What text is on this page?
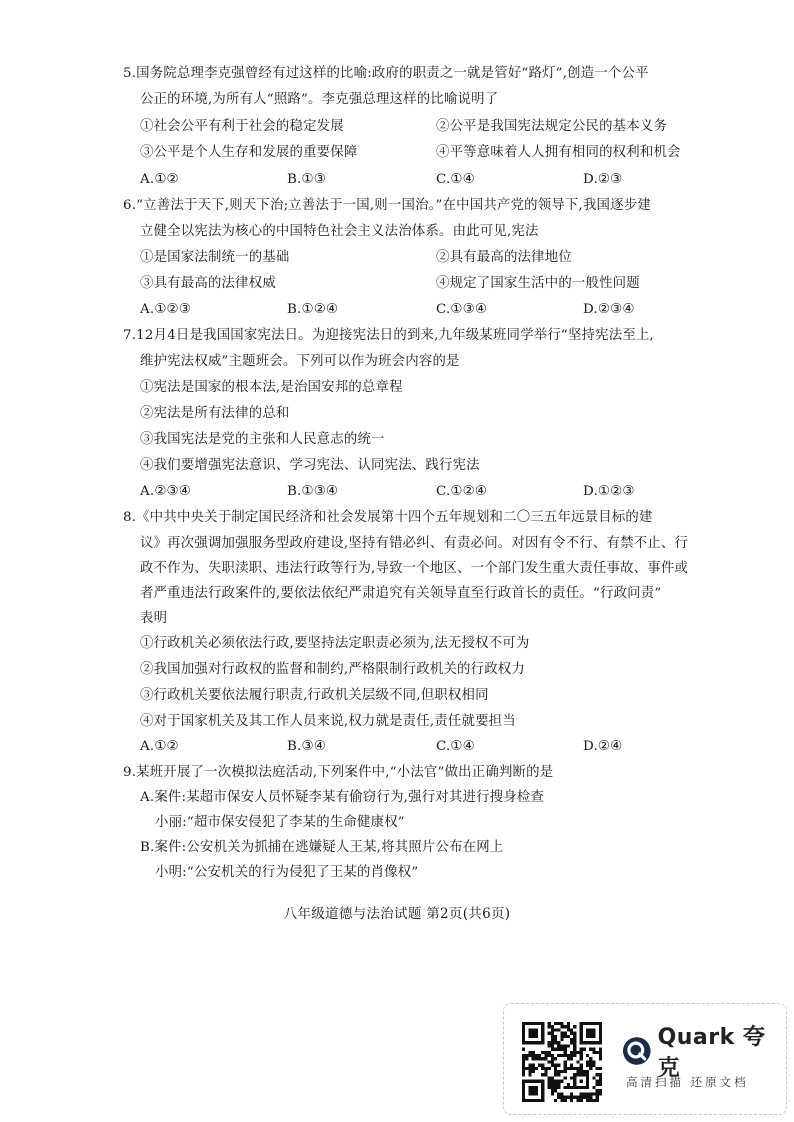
5.国务院总理李克强曾经有过这样的比喻:政府的职责之一就是管好“路灯”,创造一个公平
公正的环境,为所有人“照路”。李克强总理这样的比喻说明了
①社会公平有利于社会的稳定发展	②公平是我国宪法规定公民的基本义务
③公平是个人生存和发展的重要保障	④平等意味着人人拥有相同的权利和机会
A.①②	B.①③	C.①④	D.②③
6.“立善法于天下,则天下治;立善法于一国,则一国治。”在中国共产党的领导下,我国逐步建
立健全以宪法为核心的中国特色社会主义法治体系。由此可见,宪法
①是国家法制统一的基础	②具有最高的法律地位
③具有最高的法律权威	④规定了国家生活中的一般性问题
A.①②③	B.①②④	C.①③④	D.②③④
7.12月4日是我国国家宪法日。为迎接宪法日的到来,九年级某班同学举行“坚持宪法至上,
维护宪法权威”主题班会。下列可以作为班会内容的是
①宪法是国家的根本法,是治国安邦的总章程
②宪法是所有法律的总和
③我国宪法是党的主张和人民意志的统一
④我们要增强宪法意识、学习宪法、认同宪法、践行宪法
A.②③④	B.①③④	C.①②④	D.①②③
8.《中共中央关于制定国民经济和社会发展第十四个五年规划和二〇三五年远景目标的建
议》再次强调加强服务型政府建设,坚持有错必纠、有责必问。对因有令不行、有禁不止、行
政不作为、失职渎职、违法行政等行为,导致一个地区、一个部门发生重大责任事故、事件或
者严重违法行政案件的,要依法依纪严肃追究有关领导直至行政首长的责任。“行政问责”
表明
①行政机关必须依法行政,要坚持法定职责必须为,法无授权不可为
②我国加强对行政权的监督和制约,严格限制行政机关的行政权力
③行政机关要依法履行职责,行政机关层级不同,但职权相同
④对于国家机关及其工作人员来说,权力就是责任,责任就要担当
A.①②	B.③④	C.①④	D.②④
9.某班开展了一次模拟法庭活动,下列案件中,“小法官”做出正确判断的是
A.案件:某超市保安人员怀疑李某有偷窃行为,强行对其进行搜身检查
小丽:“超市保安侵犯了李某的生命健康权”
B.案件:公安机关为抓捕在逃嫌疑人王某,将其照片公布在网上
小明:“公安机关的行为侵犯了王某的肖像权”
八年级道德与法治试题 第2页(共6页)
Quark 夸克
高清扫描 还原文档
